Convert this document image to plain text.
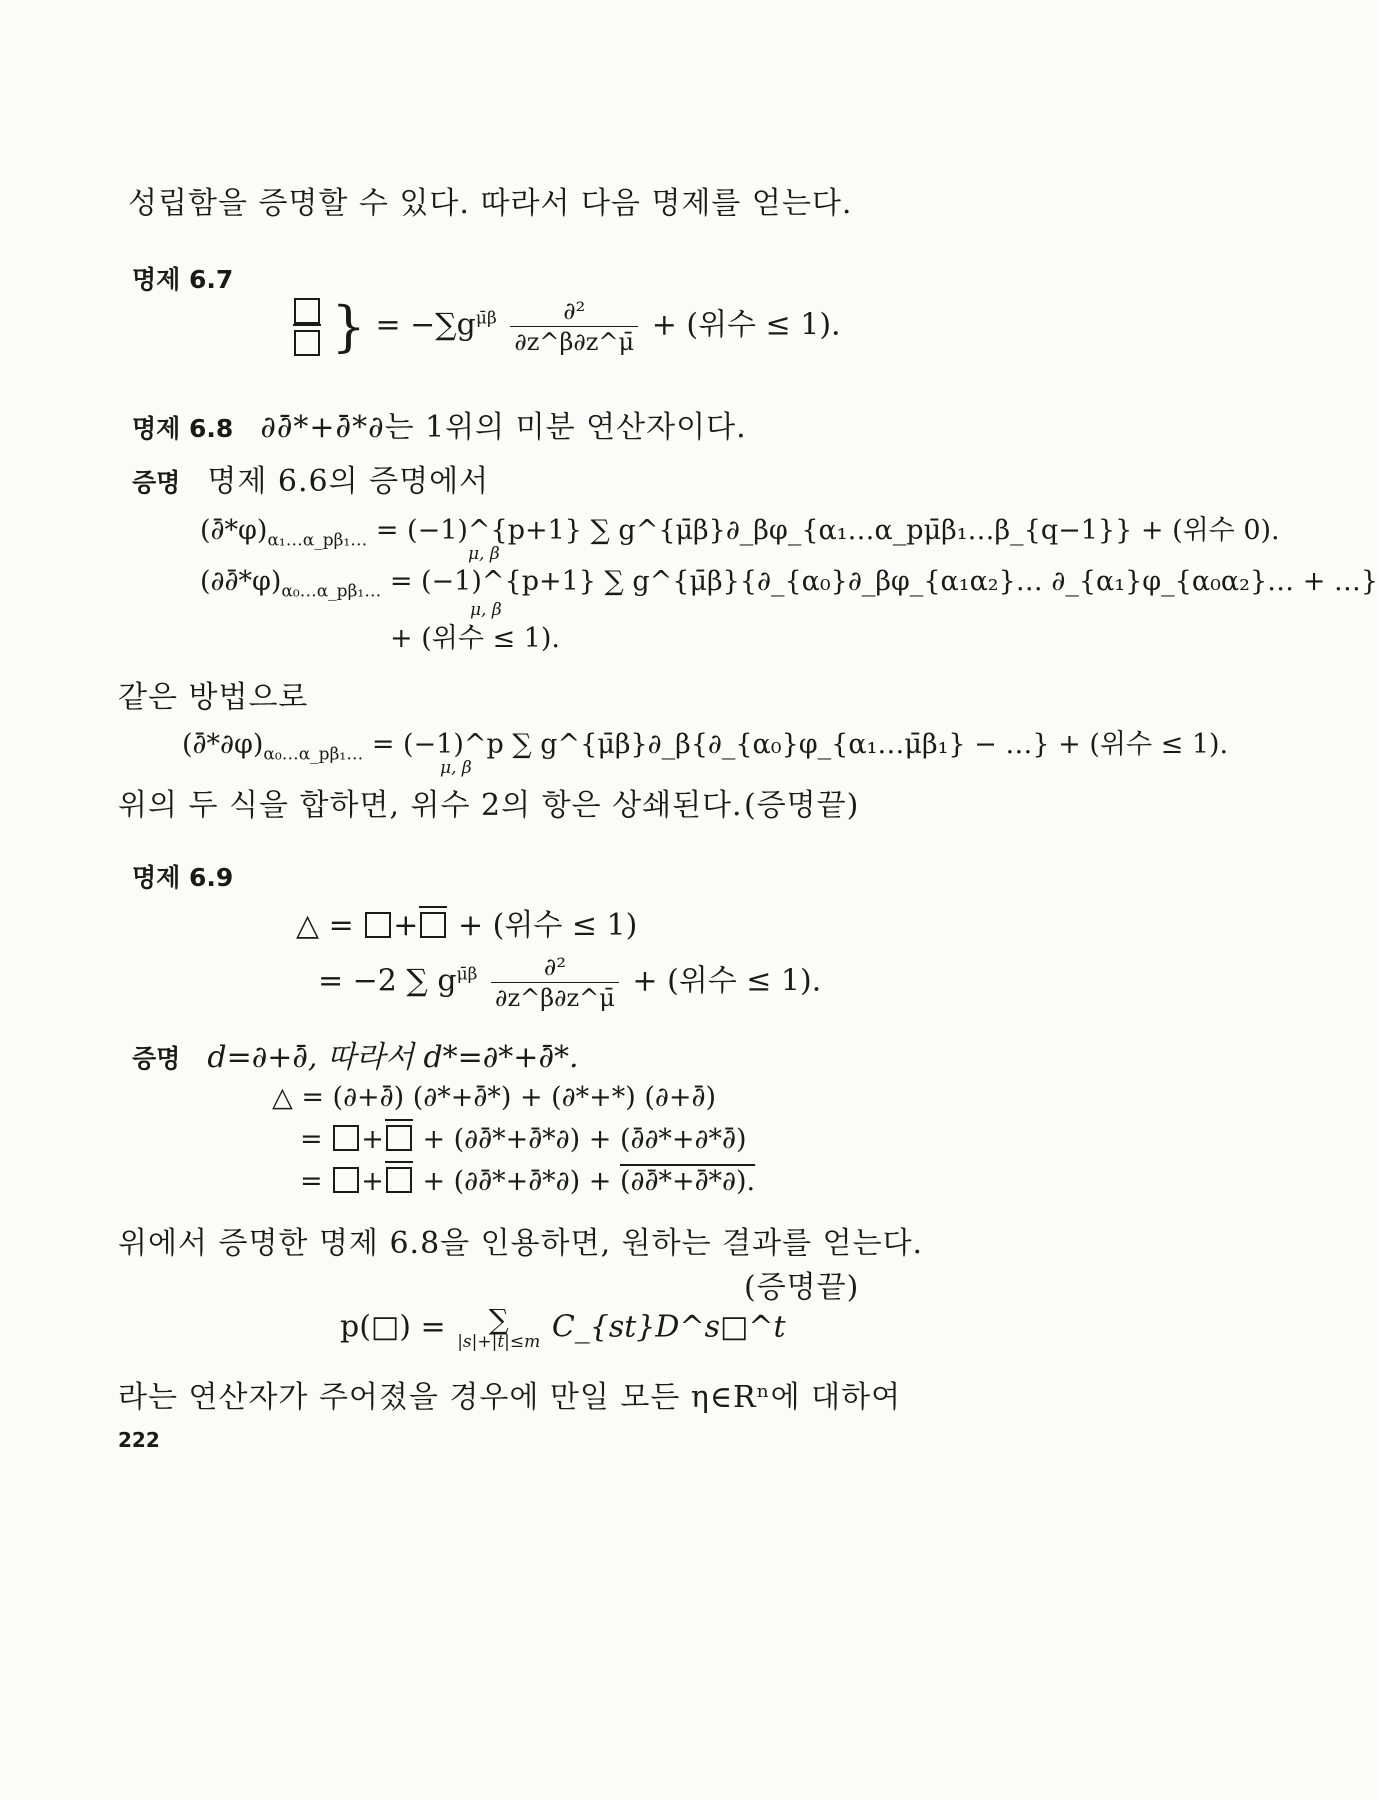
성립함을 증명할 수 있다. 따라서 다음 명제를 얻는다.
명제 6.7
} = $-\sum g^{\mū\beta} \frac{\text{∂²}}{\partial z\^{}\beta\partial z\^{}\mū}$ + (위수 ≤ 1).
명제 6.8 ∂∂̄*+∂̄*∂는 1위의 미분 연산자이다.
증명 명제 6.6의 증명에서
$(\partial̄*\varphi)_{\alpha_1\dots\alpha\_p\beta_1\dots}$ = (−1)^{p+1} ∑ g^{μ̄β}∂_βφ_{α₁…α_pμ̄β₁…β_{q−1}} + (위수 0).
μ, β
$(\partial\partial̄*\varphi)_{\alpha_0\dots\alpha\_p\beta_1\dots}$ = (−1)^{p+1} ∑ g^{μ̄β}{∂_{α₀}∂_βφ_{α₁α₂}… ∂_{α₁}φ_{α₀α₂}… + …}
μ, β
+ (위수 ≤ 1).
같은 방법으로
$(\partial̄*\partial\varphi)_{\alpha_0\dots\alpha\_p\beta_1\dots}$ = (−1)^p ∑ g^{μ̄β}∂_β{∂_{α₀}φ_{α₁…μ̄β₁} − …} + (위수 ≤ 1).
μ, β
위의 두 식을 합하면, 위수 2의 항은 상쇄된다. (증명끝)
명제 6.9
△ = + + (위수 ≤ 1)
= −2 ∑ $g^{\mū\beta} \frac{\text{∂²}}{\partial z\^{}\beta\partial z\^{}\mū}$ + (위수 ≤ 1).
증명 d=∂+∂̄, 따라서 d*=∂*+∂̄*.
△ = (∂+∂̄) (∂*+∂̄*) + (∂*+*) (∂+∂̄)
= + + (∂∂̄*+∂̄*∂) + (∂̄∂*+∂*∂̄)
= + + (∂∂̄*+∂̄*∂) + (∂∂̄*+∂̄*∂).
위에서 증명한 명제 6.8을 인용하면, 원하는 결과를 얻는다.
(증명끝)
p(□) =	∑
|s|+|t|≤m C_{st}D^s□^t
라는 연산자가 주어졌을 경우에 만일 모든 η∈Rⁿ에 대하여
222
